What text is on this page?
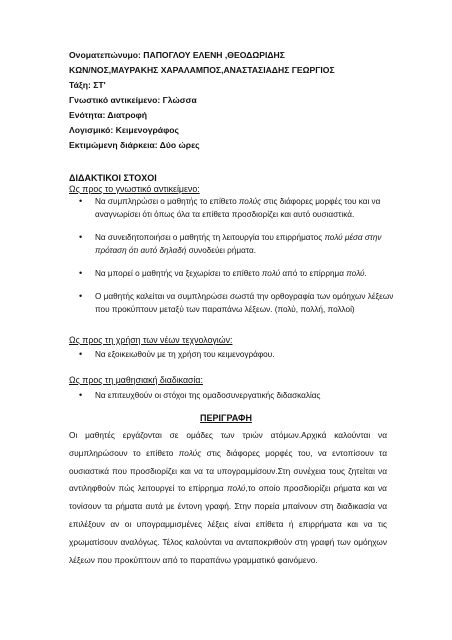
Ονοματεπώνυμο: ΠΑΠΟΓΛΟΥ ΕΛΕΝΗ ,ΘΕΟΔΩΡΙΔΗΣ
ΚΩΝ/ΝΟΣ,ΜΑΥΡΑΚΗΣ ΧΑΡΑΛΑΜΠΟΣ,ΑΝΑΣΤΑΣΙΑΔΗΣ ΓΕΩΡΓΙΟΣ
Τάξη: ΣΤ'
Γνωστικό αντικείμενο: Γλώσσα
Ενότητα: Διατροφή
Λογισμικό: Κειμενογράφος
Εκτιμώμενη διάρκεια: Δύο ώρες
ΔΙΔΑΚΤΙΚΟΙ ΣΤΟΧΟΙ
Ως προς το γνωστικό αντικείμενο:
• Να συμπληρώσει ο μαθητής το επίθετο πολύς στις διάφορες μορφές του και να αναγνωρίσει ότι όπως όλα τα επίθετα προσδιορίζει και αυτό ουσιαστικά.
• Να συνειδητοποιήσει ο μαθητής τη λειτουργία του επιρρήματος πολύ μέσα στην πρόταση ότι αυτό δηλαδή συνοδεύει ρήματα.
• Να μπορεί ο μαθητής να ξεχωρίσει το επίθετο πολύ από το επίρρημα πολύ.
• Ο μαθητής καλείται να συμπληρώσει σωστά την ορθογραφία των ομόηχων λέξεων που προκύπτουν μεταξύ των παραπάνω λέξεων. (πολύ, πολλή, πολλοί)
Ως προς τη χρήση των νέων τεχνολογιών:
• Να εξοικειωθούν με τη χρήση του κειμενογράφου.
Ως προς τη μαθησιακή διαδικασία:
• Να επιτευχθούν οι στόχοι της ομαδοσυνεργατικής διδασκαλίας
ΠΕΡΙΓΡΑΦΗ
Οι μαθητές εργάζονται σε ομάδες των τριών ατόμων.Αρχικά καλούνται να συμπληρώσουν το επίθετο πολύς στις διάφορες μορφές του, να εντοπίσουν τα ουσιαστικά που προσδιορίζει και να τα υπογραμμίσουν.Στη συνέχεια τους ζητείται να αντιληφθούν πώς λειτουργεί το επίρρημα πολύ,το οποίο προσδιορίζει ρήματα και να τονίσουν τα ρήματα αυτά με έντονη γραφή. Στην πορεία μπαίνουν στη διαδικασία να επιλέξουν αν οι υπογραμμισμένες λέξεις είναι επίθετα ή επιρρήματα και να τις χρωματίσουν αναλόγως. Τέλος καλούνται να ανταποκριθούν στη γραφή των ομόηχων λέξεων που προκύπτουν από το παραπάνω γραμματικό φαινόμενο.
